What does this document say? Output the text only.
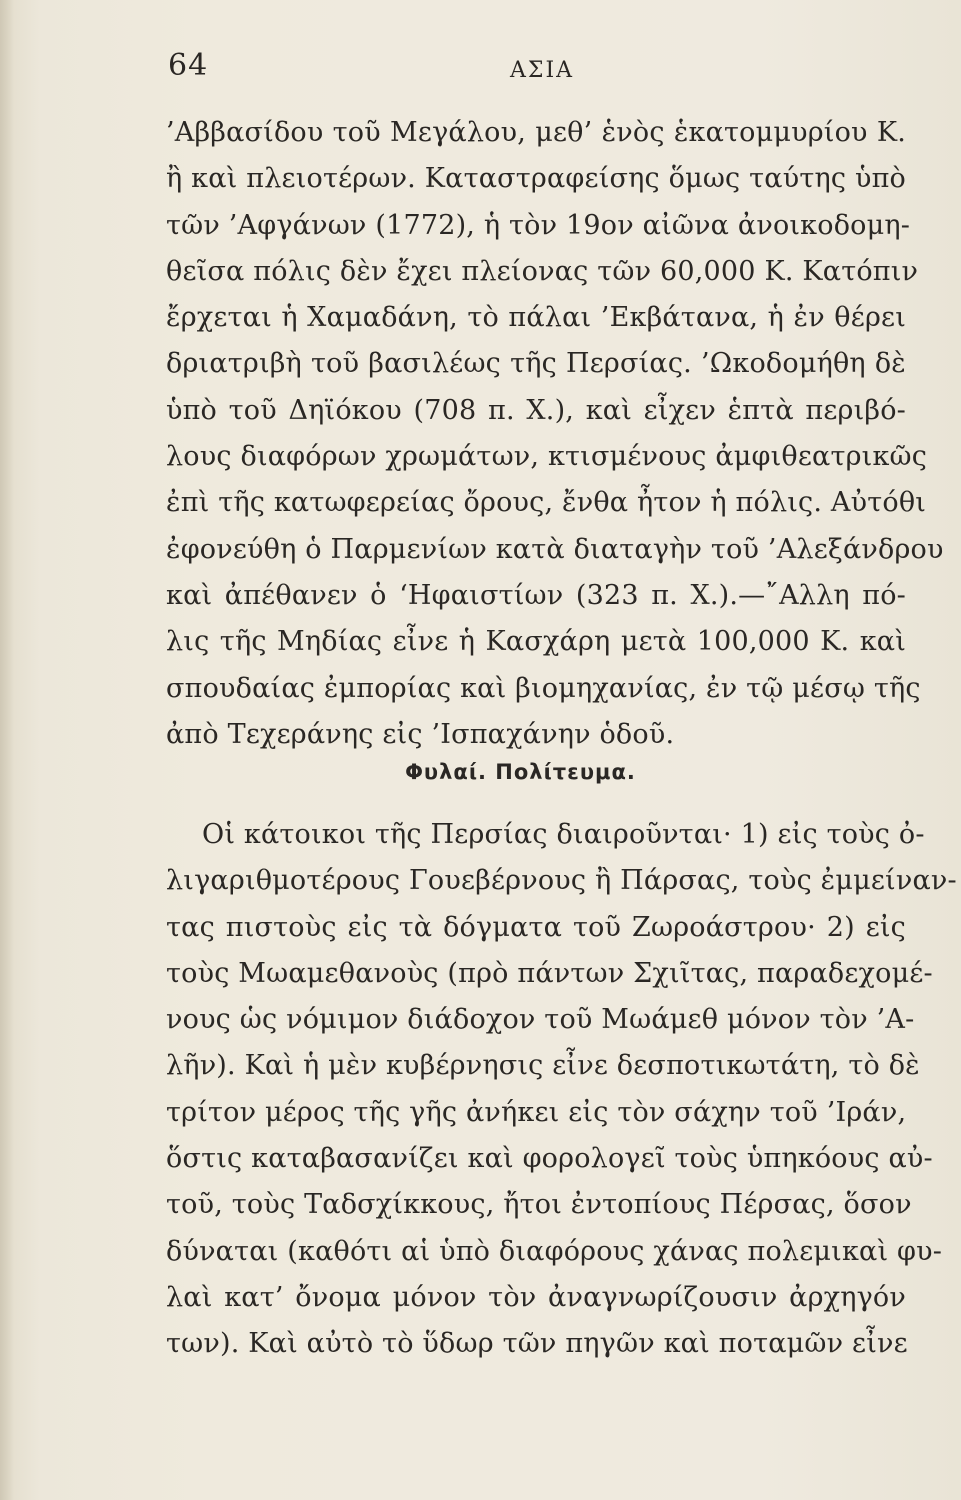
64	ΑΣΙΑ
’Αββασίδου τοῦ Μεγάλου, μεθ’ ἑνὸς ἑκατομμυρίου Κ.
ἢ καὶ πλειοτέρων. Καταστραφείσης ὅμως ταύτης ὑπὸ
τῶν ’Αφγάνων (1772), ἡ τὸν 19ον αἰῶνα ἀνοικοδομη-
θεῖσα πόλις δὲν ἔχει πλείονας τῶν 60,000 Κ. Κατόπιν
ἔρχεται ἡ Χαμαδάνη, τὸ πάλαι ’Εκβάτανα, ἡ ἐν θέρει
δριατριβὴ τοῦ βασιλέως τῆς Περσίας. ’Ωκοδομήθη δὲ
ὑπὸ τοῦ Δηϊόκου (708 π. Χ.), καὶ εἶχεν ἑπτὰ περιβό-
λους διαφόρων χρωμάτων, κτισμένους ἀμφιθεατρικῶς
ἐπὶ τῆς κατωφερείας ὄρους, ἔνθα ἦτον ἡ πόλις. Αὐτόθι
ἐφονεύθη ὁ Παρμενίων κατὰ διαταγὴν τοῦ ’Αλεξάνδρου
καὶ ἀπέθανεν ὁ ‘Ηφαιστίων (323 π. Χ.).—῎Αλλη πό-
λις τῆς Μηδίας εἶνε ἡ Κασχάρη μετὰ 100,000 Κ. καὶ
σπουδαίας ἐμπορίας καὶ βιομηχανίας, ἐν τῷ μέσῳ τῆς
ἀπὸ Τεχεράνης εἰς ’Ισπαχάνην ὁδοῦ.
Φυλαί. Πολίτευμα.
Οἱ κάτοικοι τῆς Περσίας διαιροῦνται· 1) εἰς τοὺς ὀ-
λιγαριθμοτέρους Γουεβέρνους ἢ Πάρσας, τοὺς ἐμμείναν-
τας πιστοὺς εἰς τὰ δόγματα τοῦ Ζωροάστρου· 2) εἰς
τοὺς Μωαμεθανοὺς (πρὸ πάντων Σχιῖτας, παραδεχομέ-
νους ὡς νόμιμον διάδοχον τοῦ Μωάμεθ μόνον τὸν ’Α-
λῆν). Καὶ ἡ μὲν κυβέρνησις εἶνε δεσποτικωτάτη, τὸ δὲ
τρίτον μέρος τῆς γῆς ἀνήκει εἰς τὸν σάχην τοῦ ’Ιράν,
ὅστις καταβασανίζει καὶ φορολογεῖ τοὺς ὑπηκόους αὐ-
τοῦ, τοὺς Ταδσχίκκους, ἤτοι ἐντοπίους Πέρσας, ὅσον
δύναται (καθότι αἱ ὑπὸ διαφόρους χάνας πολεμικαὶ φυ-
λαὶ κατ’ ὄνομα μόνον τὸν ἀναγνωρίζουσιν ἀρχηγόν
των). Καὶ αὐτὸ τὸ ὕδωρ τῶν πηγῶν καὶ ποταμῶν εἶνε
